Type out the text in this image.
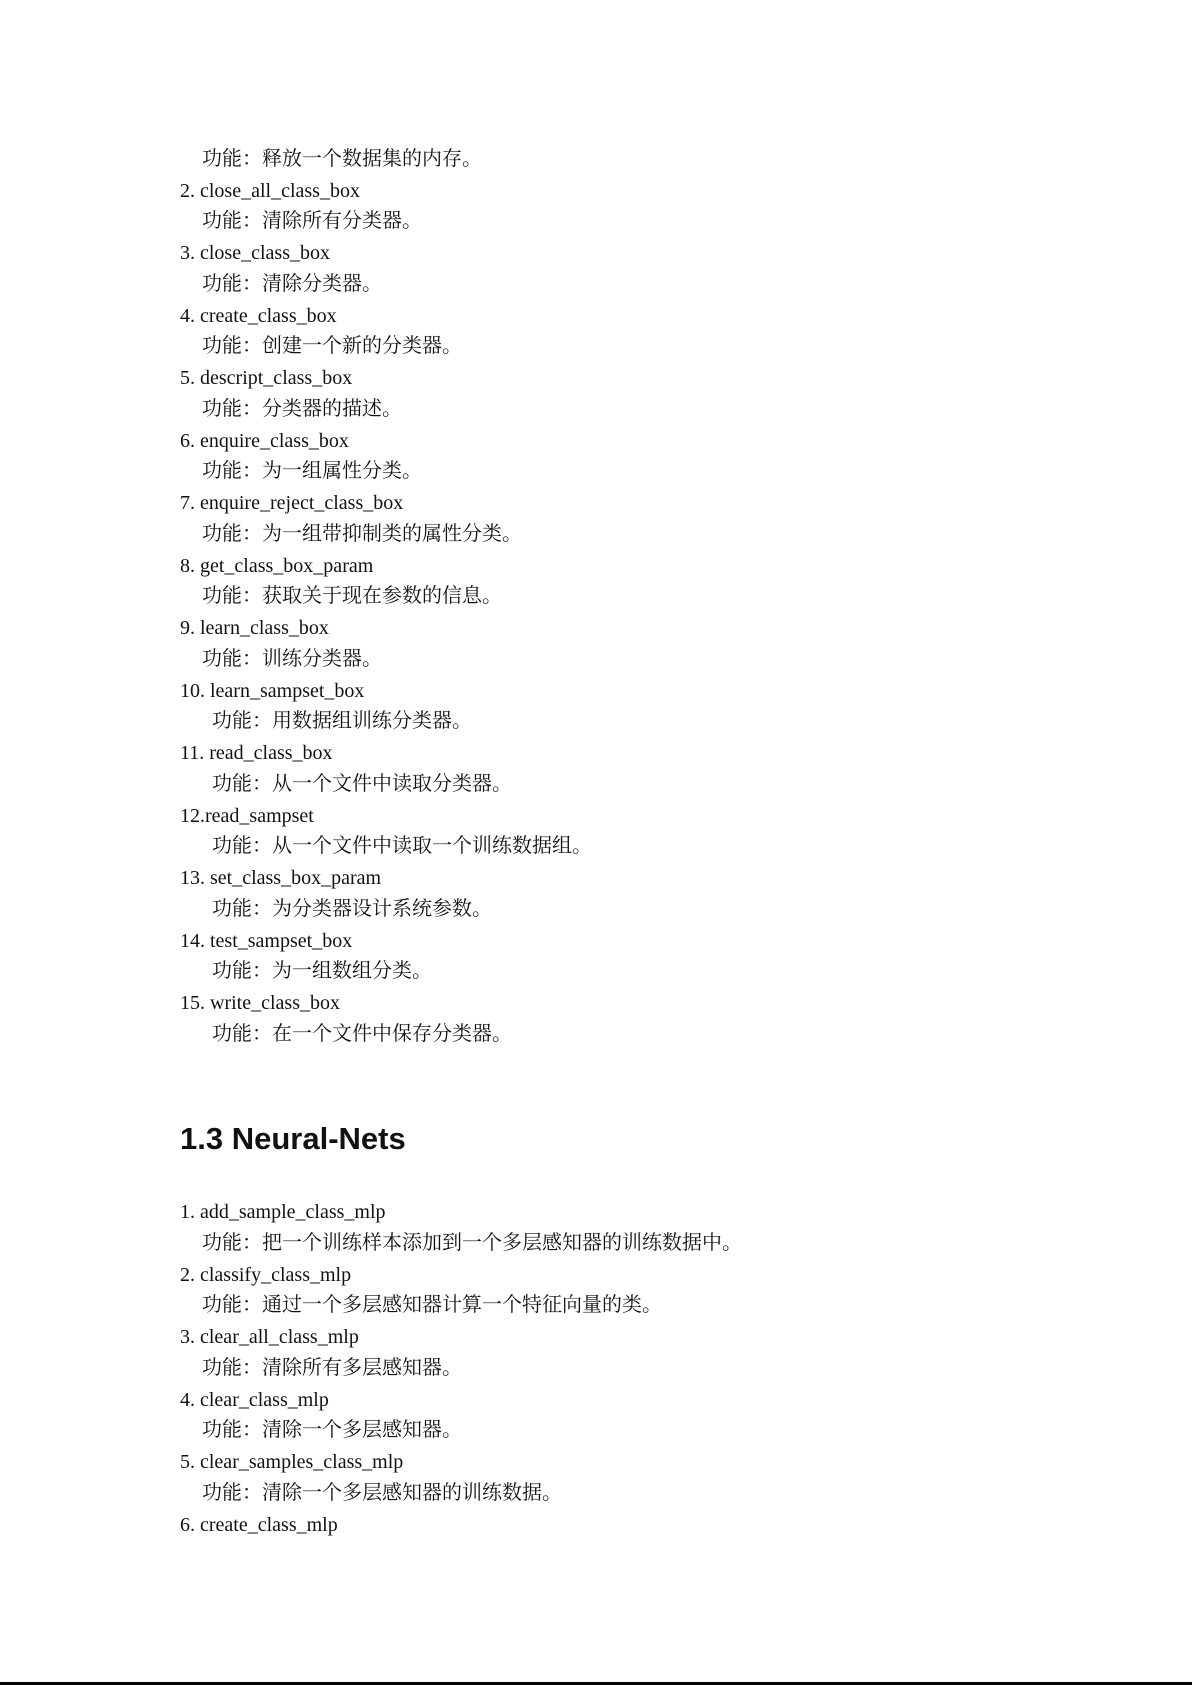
功能：释放一个数据集的内存。
2. close_all_class_box
功能：清除所有分类器。
3. close_class_box
功能：清除分类器。
4. create_class_box
功能：创建一个新的分类器。
5. descript_class_box
功能：分类器的描述。
6. enquire_class_box
功能：为一组属性分类。
7. enquire_reject_class_box
功能：为一组带抑制类的属性分类。
8. get_class_box_param
功能：获取关于现在参数的信息。
9. learn_class_box
功能：训练分类器。
10. learn_sampset_box
功能：用数据组训练分类器。
11. read_class_box
功能：从一个文件中读取分类器。
12.read_sampset
功能：从一个文件中读取一个训练数据组。
13. set_class_box_param
功能：为分类器设计系统参数。
14. test_sampset_box
功能：为一组数组分类。
15. write_class_box
功能：在一个文件中保存分类器。
1.3 Neural-Nets
1. add_sample_class_mlp
功能：把一个训练样本添加到一个多层感知器的训练数据中。
2. classify_class_mlp
功能：通过一个多层感知器计算一个特征向量的类。
3. clear_all_class_mlp
功能：清除所有多层感知器。
4. clear_class_mlp
功能：清除一个多层感知器。
5. clear_samples_class_mlp
功能：清除一个多层感知器的训练数据。
6. create_class_mlp
